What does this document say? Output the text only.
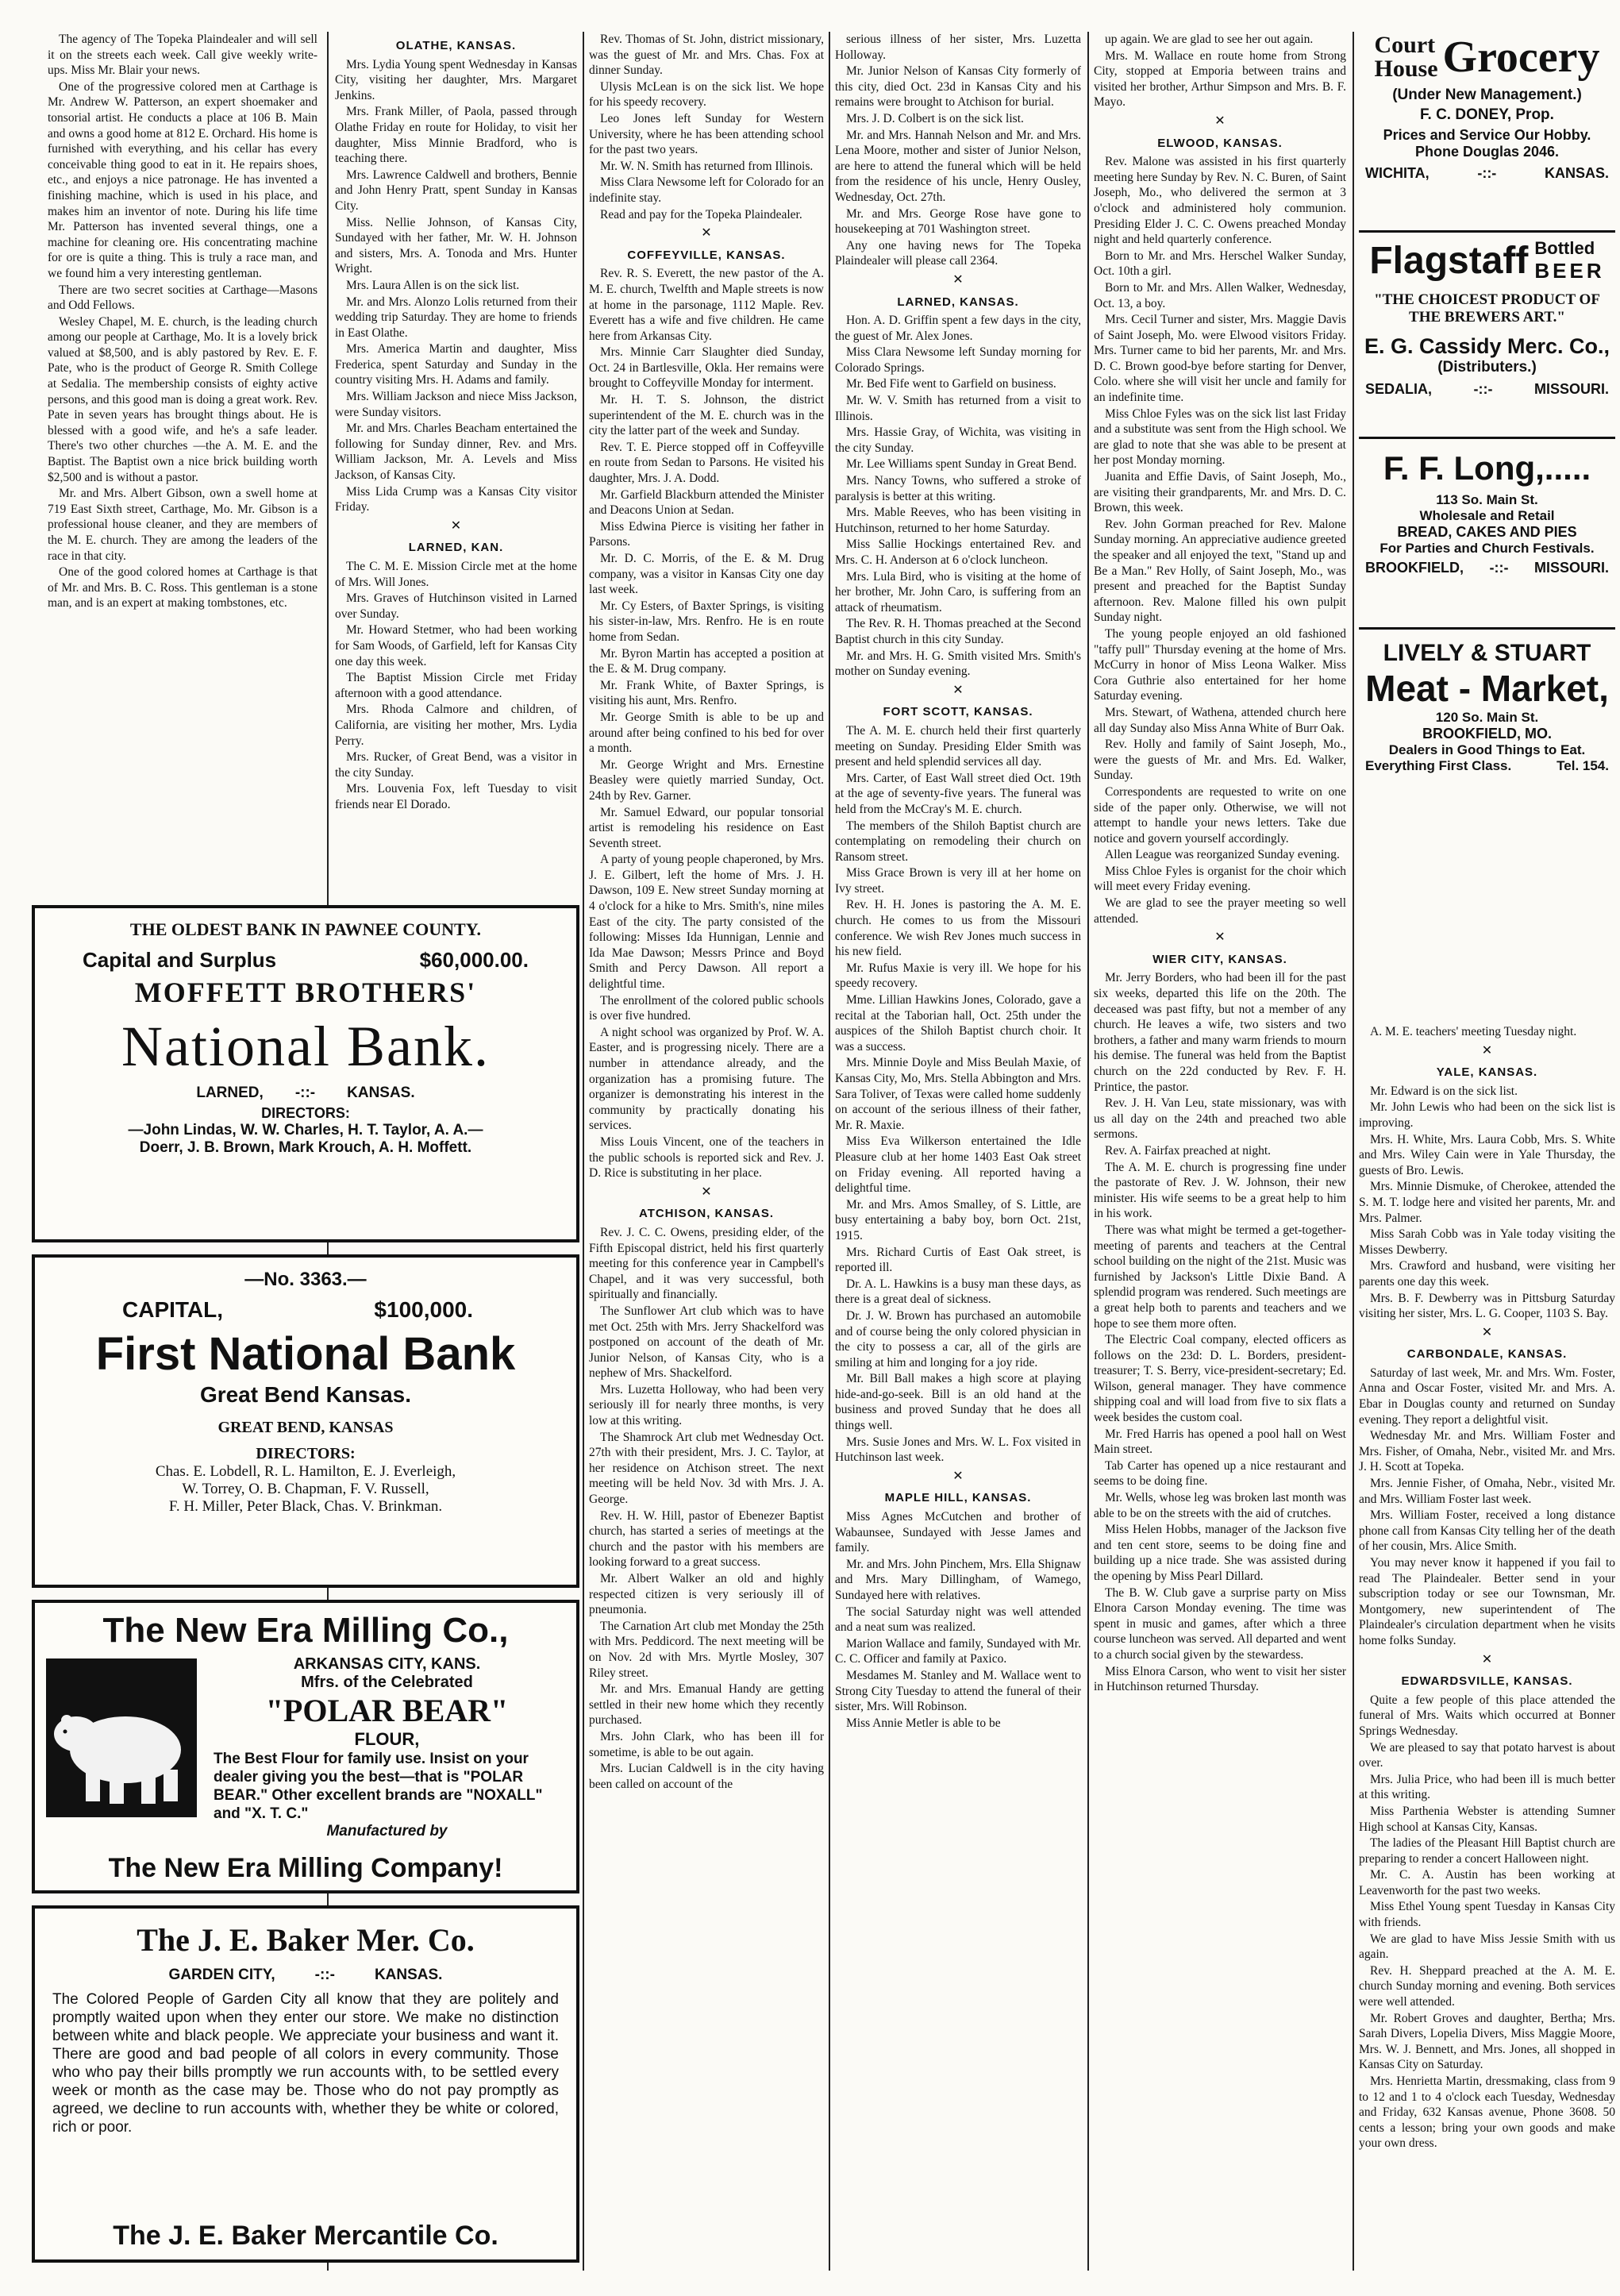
The agency of The Topeka Plaindealer and will sell it on the streets each week. Call give weekly write-ups. Miss Mr. Blair your news.

One of the progressive colored men at Carthage is Mr. Andrew W. Patterson, an expert shoemaker and tonsorial artist. He conducts a place at 106 B. Main and owns a good home at 812 E. Orchard. His home is furnished with everything, and his cellar has every conceivable thing good to eat in it. He repairs shoes, etc., and enjoys a nice patronage. He has invented a finishing machine, which is used in his place, and makes him an inventor of note. During his life time Mr. Patterson has invented several things, one a machine for cleaning ore. His concentrating machine for ore is quite a thing. This is truly a race man, and we found him a very interesting gentleman.

There are two secret socities at Carthage—Masons and Odd Fellows.

Wesley Chapel, M. E. church, is the leading church among our people at Carthage, Mo. It is a lovely brick valued at $8,500, and is ably pastored by Rev. E. F. Pate, who is the product of George R. Smith College at Sedalia. The membership consists of eighty active persons, and this good man is doing a great work. Rev. Pate in seven years has brought things about. He is blessed with a good wife, and he's a safe leader. There's two other churches —the A. M. E. and the Baptist. The Baptist own a nice brick building worth $2,500 and is without a pastor.

Mr. and Mrs. Albert Gibson, own a swell home at 719 East Sixth street, Carthage, Mo. Mr. Gibson is a professional house cleaner, and they are members of the M. E. church. They are among the leaders of the race in that city.

One of the good colored homes at Carthage is that of Mr. and Mrs. B. C. Ross. This gentleman is a stone man, and is an expert at making tombstones, etc.

OLATHE, KANSAS.

Mrs. Lydia Young spent Wednesday in Kansas City, visiting her daughter, Mrs. Margaret Jenkins.

Mrs. Frank Miller, of Paola, passed through Olathe Friday en route for Holiday, to visit her daughter, Miss Minnie Bradford, who is teaching there.

Mrs. Lawrence Caldwell and brothers, Bennie and John Henry Pratt, spent Sunday in Kansas City.

Miss. Nellie Johnson, of Kansas City, Sundayed with her father, Mr. W. H. Johnson and sisters, Mrs. A. Tonoda and Mrs. Hunter Wright.

Mrs. Laura Allen is on the sick list.

Mr. and Mrs. Alonzo Lolis returned from their wedding trip Saturday. They are home to friends in East Olathe.

Mrs. America Martin and daughter, Miss Frederica, spent Saturday and Sunday in the country visiting Mrs. H. Adams and family.

Mrs. William Jackson and niece Miss Jackson, were Sunday visitors.

Mr. and Mrs. Charles Beacham entertained the following for Sunday dinner, Rev. and Mrs. William Jackson, Mr. A. Levels and Miss Jackson, of Kansas City.

Miss Lida Crump was a Kansas City visitor Friday.

✕
LARNED, KAN.

The C. M. E. Mission Circle met at the home of Mrs. Will Jones.

Mrs. Graves of Hutchinson visited in Larned over Sunday.

Mr. Howard Stetmer, who had been working for Sam Woods, of Garfield, left for Kansas City one day this week.

The Baptist Mission Circle met Friday afternoon with a good attendance.

Mrs. Rhoda Calmore and children, of California, are visiting her mother, Mrs. Lydia Perry.

Mrs. Rucker, of Great Bend, was a visitor in the city Sunday.

Mrs. Louvenia Fox, left Tuesday to visit friends near El Dorado.

Rev. Thomas of St. John, district missionary, was the guest of Mr. and Mrs. Chas. Fox at dinner Sunday.

Ulysis McLean is on the sick list. We hope for his speedy recovery.

Leo Jones left Sunday for Western University, where he has been attending school for the past two years.

Mr. W. N. Smith has returned from Illinois.

Miss Clara Newsome left for Colorado for an indefinite stay.

Read and pay for the Topeka Plaindealer.

✕
COFFEYVILLE, KANSAS.

Rev. R. S. Everett, the new pastor of the A. M. E. church, Twelfth and Maple streets is now at home in the parsonage, 1112 Maple. Rev. Everett has a wife and five children. He came here from Arkansas City.

Mrs. Minnie Carr Slaughter died Sunday, Oct. 24 in Bartlesville, Okla. Her remains were brought to Coffeyville Monday for interment.

Mr. H. T. S. Johnson, the district superintendent of the M. E. church was in the city the latter part of the week and Sunday.

Rev. T. E. Pierce stopped off in Coffeyville en route from Sedan to Parsons. He visited his daughter, Mrs. J. A. Dodd.

Mr. Garfield Blackburn attended the Minister and Deacons Union at Sedan.

Miss Edwina Pierce is visiting her father in Parsons.

Mr. D. C. Morris, of the E. & M. Drug company, was a visitor in Kansas City one day last week.

Mr. Cy Esters, of Baxter Springs, is visiting his sister-in-law, Mrs. Renfro. He is en route home from Sedan.

Mr. Byron Martin has accepted a position at the E. & M. Drug company.

Mr. Frank White, of Baxter Springs, is visiting his aunt, Mrs. Renfro.

Mr. George Smith is able to be up and around after being confined to his bed for over a month.

Mr. George Wright and Mrs. Ernestine Beasley were quietly married Sunday, Oct. 24th by Rev. Garner.

Mr. Samuel Edward, our popular tonsorial artist is remodeling his residence on East Seventh street.

A party of young people chaperoned, by Mrs. J. E. Gilbert, left the home of Mrs. J. H. Dawson, 109 E. New street Sunday morning at 4 o'clock for a hike to Mrs. Smith's, nine miles East of the city. The party consisted of the following: Misses Ida Hunnigan, Lennie and Ida Mae Dawson; Messrs Prince and Boyd Smith and Percy Dawson. All report a delightful time.

The enrollment of the colored public schools is over five hundred.

A night school was organized by Prof. W. A. Easter, and is progressing nicely. There are a number in attendance already, and the organization has a promising future. The organizer is demonstrating his interest in the community by practically donating his services.

Miss Louis Vincent, one of the teachers in the public schools is reported sick and Rev. J. D. Rice is substituting in her place.

✕
ATCHISON, KANSAS.

Rev. J. C. C. Owens, presiding elder, of the Fifth Episcopal district, held his first quarterly meeting for this conference year in Campbell's Chapel, and it was very successful, both spiritually and financially.

The Sunflower Art club which was to have met Oct. 25th with Mrs. Jerry Shackelford was postponed on account of the death of Mr. Junior Nelson, of Kansas City, who is a nephew of Mrs. Shackelford.

Mrs. Luzetta Holloway, who had been very seriously ill for nearly three months, is very low at this writing.

The Shamrock Art club met Wednesday Oct. 27th with their president, Mrs. J. C. Taylor, at her residence on Atchison street. The next meeting will be held Nov. 3d with Mrs. J. A. George.

Rev. H. W. Hill, pastor of Ebenezer Baptist church, has started a series of meetings at the church and the pastor with his members are looking forward to a great success.

Mr. Albert Walker an old and highly respected citizen is very seriously ill of pneumonia.

The Carnation Art club met Monday the 25th with Mrs. Peddicord. The next meeting will be on Nov. 2d with Mrs. Myrtle Mosley, 307 Riley street.

Mr. and Mrs. Emanual Handy are getting settled in their new home which they recently purchased.

Mrs. John Clark, who has been ill for sometime, is able to be out again.

Mrs. Lucian Caldwell is in the city having been called on account of the

serious illness of her sister, Mrs. Luzetta Holloway.

Mr. Junior Nelson of Kansas City formerly of this city, died Oct. 23d in Kansas City and his remains were brought to Atchison for burial.

Mrs. J. D. Colbert is on the sick list.

Mr. and Mrs. Hannah Nelson and Mr. and Mrs. Lena Moore, mother and sister of Junior Nelson, are here to attend the funeral which will be held from the residence of his uncle, Henry Ousley, Wednesday, Oct. 27th.

Mr. and Mrs. George Rose have gone to housekeeping at 701 Washington street.

Any one having news for The Topeka Plaindealer will please call 2364.

✕
LARNED, KANSAS.

Hon. A. D. Griffin spent a few days in the city, the guest of Mr. Alex Jones.

Miss Clara Newsome left Sunday morning for Colorado Springs.

Mr. Bed Fife went to Garfield on business.

Mr. W. V. Smith has returned from a visit to Illinois.

Mrs. Hassie Gray, of Wichita, was visiting in the city Sunday.

Mr. Lee Williams spent Sunday in Great Bend.

Mrs. Nancy Towns, who suffered a stroke of paralysis is better at this writing.

Mrs. Mable Reeves, who has been visiting in Hutchinson, returned to her home Saturday.

Miss Sallie Hockings entertained Rev. and Mrs. C. H. Anderson at 6 o'clock luncheon.

Mrs. Lula Bird, who is visiting at the home of her brother, Mr. John Caro, is suffering from an attack of rheumatism.

The Rev. R. H. Thomas preached at the Second Baptist church in this city Sunday.

Mr. and Mrs. H. G. Smith visited Mrs. Smith's mother on Sunday evening.

✕
FORT SCOTT, KANSAS.

The A. M. E. church held their first quarterly meeting on Sunday. Presiding Elder Smith was present and held splendid services all day.

Mrs. Carter, of East Wall street died Oct. 19th at the age of seventy-five years. The funeral was held from the McCray's M. E. church.

The members of the Shiloh Baptist church are contemplating on remodeling their church on Ransom street.

Miss Grace Brown is very ill at her home on Ivy street.

Rev. H. H. Jones is pastoring the A. M. E. church. He comes to us from the Missouri conference. We wish Rev Jones much success in his new field.

Mr. Rufus Maxie is very ill. We hope for his speedy recovery.

Mme. Lillian Hawkins Jones, Colorado, gave a recital at the Taborian hall, Oct. 25th under the auspices of the Shiloh Baptist church choir. It was a success.

Mrs. Minnie Doyle and Miss Beulah Maxie, of Kansas City, Mo, Mrs. Stella Abbington and Mrs. Sara Toliver, of Texas were called home suddenly on account of the serious illness of their father, Mr. R. Maxie.

Miss Eva Wilkerson entertained the Idle Pleasure club at her home 1403 East Oak street on Friday evening. All reported having a delightful time.

Mr. and Mrs. Amos Smalley, of S. Little, are busy entertaining a baby boy, born Oct. 21st, 1915.

Mrs. Richard Curtis of East Oak street, is reported ill.

Dr. A. L. Hawkins is a busy man these days, as there is a great deal of sickness.

Dr. J. W. Brown has purchased an automobile and of course being the only colored physician in the city to possess a car, all of the girls are smiling at him and longing for a joy ride.

Mr. Bill Ball makes a high score at playing hide-and-go-seek. Bill is an old hand at the business and proved Sunday that he does all things well.

Mrs. Susie Jones and Mrs. W. L. Fox visited in Hutchinson last week.

✕
MAPLE HILL, KANSAS.

Miss Agnes McCutchen and brother of Wabaunsee, Sundayed with Jesse James and family.

Mr. and Mrs. John Pinchem, Mrs. Ella Shignaw and Mrs. Mary Dillingham, of Wamego, Sundayed here with relatives.

The social Saturday night was well attended and a neat sum was realized.

Marion Wallace and family, Sundayed with Mr. C. C. Officer and family at Paxico.

Mesdames M. Stanley and M. Wallace went to Strong City Tuesday to attend the funeral of their sister, Mrs. Will Robinson.

Miss Annie Metler is able to be

up again. We are glad to see her out again.

Mrs. M. Wallace en route home from Strong City, stopped at Emporia between trains and visited her brother, Arthur Simpson and Mrs. B. F. Mayo.

✕
ELWOOD, KANSAS.

Rev. Malone was assisted in his first quarterly meeting here Sunday by Rev. N. C. Buren, of Saint Joseph, Mo., who delivered the sermon at 3 o'clock and administered holy communion. Presiding Elder J. C. C. Owens preached Monday night and held quarterly conference.

Born to Mr. and Mrs. Herschel Walker Sunday, Oct. 10th a girl.

Born to Mr. and Mrs. Allen Walker, Wednesday, Oct. 13, a boy.

Mrs. Cecil Turner and sister, Mrs. Maggie Davis of Saint Joseph, Mo. were Elwood visitors Friday. Mrs. Turner came to bid her parents, Mr. and Mrs. D. C. Brown good-bye before starting for Denver, Colo. where she will visit her uncle and family for an indefinite time.

Miss Chloe Fyles was on the sick list last Friday and a substitute was sent from the High school. We are glad to note that she was able to be present at her post Monday morning.

Juanita and Effie Davis, of Saint Joseph, Mo., are visiting their grandparents, Mr. and Mrs. D. C. Brown, this week.

Rev. John Gorman preached for Rev. Malone Sunday morning. An appreciative audience greeted the speaker and all enjoyed the text, "Stand up and Be a Man." Rev Holly, of Saint Joseph, Mo., was present and preached for the Baptist Sunday afternoon. Rev. Malone filled his own pulpit Sunday night.

The young people enjoyed an old fashioned "taffy pull" Thursday evening at the home of Mrs. McCurry in honor of Miss Leona Walker. Miss Cora Guthrie also entertained for her home Saturday evening.

Mrs. Stewart, of Wathena, attended church here all day Sunday also Miss Anna White of Burr Oak.

Rev. Holly and family of Saint Joseph, Mo., were the guests of Mr. and Mrs. Ed. Walker, Sunday.

Correspondents are requested to write on one side of the paper only. Otherwise, we will not attempt to handle your news letters. Take due notice and govern yourself accordingly.

Allen League was reorganized Sunday evening.

Miss Chloe Fyles is organist for the choir which will meet every Friday evening.

We are glad to see the prayer meeting so well attended.

✕
WIER CITY, KANSAS.

Mr. Jerry Borders, who had been ill for the past six weeks, departed this life on the 20th. The deceased was past fifty, but not a member of any church. He leaves a wife, two sisters and two brothers, a father and many warm friends to mourn his demise. The funeral was held from the Baptist church on the 22d conducted by Rev. F. H. Printice, the pastor.

Rev. J. H. Van Leu, state missionary, was with us all day on the 24th and preached two able sermons.

Rev. A. Fairfax preached at night.

The A. M. E. church is progressing fine under the pastorate of Rev. J. W. Johnson, their new minister. His wife seems to be a great help to him in his work.

There was what might be termed a get-together-meeting of parents and teachers at the Central school building on the night of the 21st. Music was furnished by Jackson's Little Dixie Band. A splendid program was rendered. Such meetings are a great help both to parents and teachers and we hope to see them more often.

The Electric Coal company, elected officers as follows on the 23d: D. L. Borders, president-treasurer; T. S. Berry, vice-president-secretary; Ed. Wilson, general manager. They have commence shipping coal and will load from five to six flats a week besides the custom coal.

Mr. Fred Harris has opened a pool hall on West Main street.

Tab Carter has opened up a nice restaurant and seems to be doing fine.

Mr. Wells, whose leg was broken last month was able to be on the streets with the aid of crutches.

Miss Helen Hobbs, manager of the Jackson five and ten cent store, seems to be doing fine and building up a nice trade. She was assisted during the opening by Miss Pearl Dillard.

The B. W. Club gave a surprise party on Miss Elnora Carson Monday evening. The time was spent in music and games, after which a three course luncheon was served. All departed and went to a church social given by the stewardess.

Miss Elnora Carson, who went to visit her sister in Hutchinson returned Thursday.

A. M. E. teachers' meeting Tuesday night.

✕
YALE, KANSAS.

Mr. Edward is on the sick list.

Mr. John Lewis who had been on the sick list is improving.

Mrs. H. White, Mrs. Laura Cobb, Mrs. S. White and Mrs. Wiley Cain were in Yale Thursday, the guests of Bro. Lewis.

Mrs. Minnie Dismuke, of Cherokee, attended the S. M. T. lodge here and visited her parents, Mr. and Mrs. Palmer.

Miss Sarah Cobb was in Yale today visiting the Misses Dewberry.

Mrs. Crawford and husband, were visiting her parents one day this week.

Mrs. B. F. Dewberry was in Pittsburg Saturday visiting her sister, Mrs. L. G. Cooper, 1103 S. Bay.

✕
CARBONDALE, KANSAS.

Saturday of last week, Mr. and Mrs. Wm. Foster, Anna and Oscar Foster, visited Mr. and Mrs. A. Ebar in Douglas county and returned on Sunday evening. They report a delightful visit.

Wednesday Mr. and Mrs. William Foster and Mrs. Fisher, of Omaha, Nebr., visited Mr. and Mrs. J. H. Scott at Topeka.

Mrs. Jennie Fisher, of Omaha, Nebr., visited Mr. and Mrs. William Foster last week.

Mrs. William Foster, received a long distance phone call from Kansas City telling her of the death of her cousin, Mrs. Alice Smith.

You may never know it happened if you fail to read The Plaindealer. Better send in your subscription today or see our Townsman, Mr. Montgomery, new superintendent of The Plaindealer's circulation department when he visits home folks Sunday.

✕
EDWARDSVILLE, KANSAS.

Quite a few people of this place attended the funeral of Mrs. Waits which occurred at Bonner Springs Wednesday.

We are pleased to say that potato harvest is about over.

Mrs. Julia Price, who had been ill is much better at this writing.

Miss Parthenia Webster is attending Sumner High school at Kansas City, Kansas.

The ladies of the Pleasant Hill Baptist church are preparing to render a concert Halloween night.

Mr. C. A. Austin has been working at Leavenworth for the past two weeks.

Miss Ethel Young spent Tuesday in Kansas City with friends.

We are glad to have Miss Jessie Smith with us again.

Rev. H. Sheppard preached at the A. M. E. church Sunday morning and evening. Both services were well attended.

Mr. Robert Groves and daughter, Bertha; Mrs. Sarah Divers, Lopelia Divers, Miss Maggie Moore, Mrs. W. J. Bennett, and Mrs. Jones, all shopped in Kansas City on Saturday.

Mrs. Henrietta Martin, dressmaking, class from 9 to 12 and 1 to 4 o'clock each Tuesday, Wednesday and Friday, 632 Kansas avenue, Phone 3608. 50 cents a lesson; bring your own goods and make your own dress.

Court
House Grocery
(Under New Management.)
F. C. DONEY, Prop.
Prices and Service Our Hobby.
Phone Douglas 2046.
WICHITA,	-::-	KANSAS.
Flagstaff Bottled
BEER
"THE CHOICEST PRODUCT OF THE BREWERS ART."
E. G. Cassidy Merc. Co.,
(Distributers.)
SEDALIA,	-::-	MISSOURI.
F. F. Long,.....
113 So. Main St.
Wholesale and Retail
BREAD, CAKES AND PIES
For Parties and Church Festivals.
BROOKFIELD, -::- MISSOURI.
LIVELY & STUART
Meat - Market,
120 So. Main St.
BROOKFIELD, MO.
Dealers in Good Things to Eat.
Everything First Class.	Tel. 154.
THE OLDEST BANK IN PAWNEE COUNTY.
Capital and Surplus	$60,000.00.
MOFFETT BROTHERS'
National Bank.
LARNED, -::- KANSAS.
DIRECTORS:
—John Lindas, W. W. Charles, H. T. Taylor, A. A.—
Doerr, J. B. Brown, Mark Krouch, A. H. Moffett.
—No. 3363.—
CAPITAL,	$100,000.
First National Bank
Great Bend Kansas.
GREAT BEND, KANSAS
DIRECTORS:
Chas. E. Lobdell, R. L. Hamilton, E. J. Everleigh,
W. Torrey, O. B. Chapman, F. V. Russell,
F. H. Miller, Peter Black, Chas. V. Brinkman.
The New Era Milling Co.,
ARKANSAS CITY, KANS.
Mfrs. of the Celebrated
"POLAR BEAR"
FLOUR,
The Best Flour for family use. Insist on your dealer giving you the best—that is "POLAR BEAR." Other excellent brands are "NOXALL" and "X. T. C."
Manufactured by
The New Era Milling Company!
The J. E. Baker Mer. Co.
GARDEN CITY,	-::-	KANSAS.
The Colored People of Garden City all know that they are politely and promptly waited upon when they enter our store. We make no distinction between white and black people. We appreciate your business and want it. There are good and bad people of all colors in every community. Those who who pay their bills promptly we run accounts with, to be settled every week or month as the case may be. Those who do not pay promptly as agreed, we decline to run accounts with, whether they be white or colored, rich or poor.
The J. E. Baker Mercantile Co.
